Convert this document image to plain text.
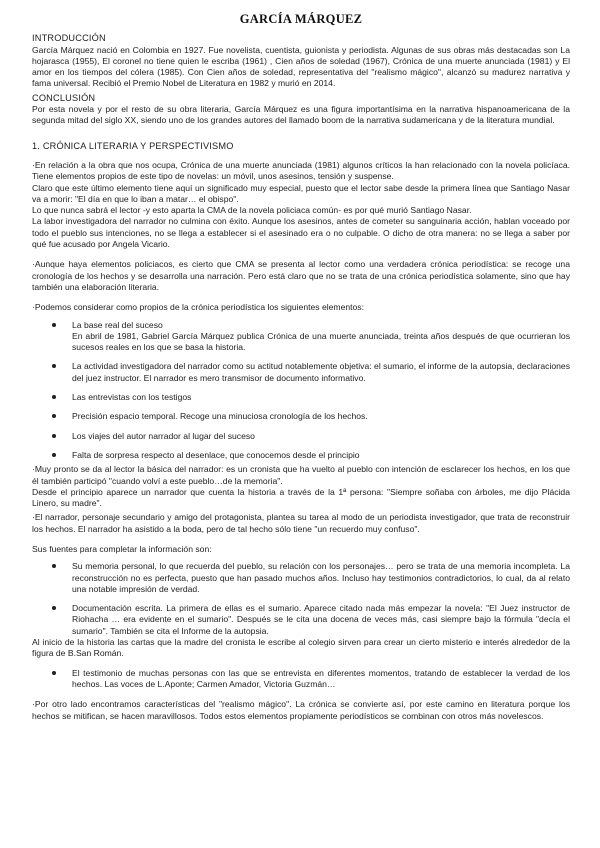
GARCÍA MÁRQUEZ
INTRODUCCIÓN

García Márquez nació en Colombia en 1927. Fue novelista, cuentista, guionista y periodista. Algunas de sus obras más destacadas son La hojarasca (1955), El coronel no tiene quien le escriba (1961) , Cien años de soledad (1967), Crónica de una muerte anunciada (1981) y El amor en los tiempos del cólera (1985). Con Cien años de soledad, representativa del "realismo mágico", alcanzó su madurez narrativa y fama universal. Recibió el Premio Nobel de Literatura en 1982 y murió en 2014.

CONCLUSIÓN

Por esta novela y por el resto de su obra literaria, García Márquez es una figura importantísima en la narrativa hispanoamericana de la segunda mitad del siglo XX, siendo uno de los grandes autores del llamado boom de la narrativa sudamericana y de la literatura mundial.

1. CRÓNICA LITERARIA Y PERSPECTIVISMO

·En relación a la obra que nos ocupa, Crónica de una muerte anunciada (1981) algunos críticos la han relacionado con la novela policíaca. Tiene elementos propios de este tipo de novelas: un móvil, unos asesinos, tensión y suspense.

Claro que este último elemento tiene aquí un significado muy especial, puesto que el lector sabe desde la primera línea que Santiago Nasar va a morir: "El día en que lo iban a matar… el obispo".

Lo que nunca sabrá el lector -y esto aparta la CMA de la novela policiaca común- es por qué murió Santiago Nasar.

La labor investigadora del narrador no culmina con éxito. Aunque los asesinos, antes de cometer su sanguinaria acción, hablan voceado por todo el pueblo sus intenciones, no se llega a establecer si el asesinado era o no culpable. O dicho de otra manera: no se llega a saber por qué fue acusado por Angela Vicario.

·Aunque haya elementos policiacos, es cierto que CMA se presenta al lector como una verdadera crónica periodística: se recoge una cronología de los hechos y se desarrolla una narración. Pero está claro que no se trata de una crónica periodística solamente, sino que hay también una elaboración literaria.

·Podemos considerar como propios de la crónica periodística los siguientes elementos:

La base real del suceso
En abril de 1981, Gabriel García Márquez publica Crónica de una muerte anunciada, treinta años después de que ocurrieran los sucesos reales en los que se basa la historia.
La actividad investigadora del narrador como su actitud notablemente objetiva: el sumario, el informe de la autopsia, declaraciones del juez instructor. El narrador es mero transmisor de documento informativo.
Las entrevistas con los testigos
Precisión espacio temporal. Recoge una minuciosa cronología de los hechos.
Los viajes del autor narrador al lugar del suceso
Falta de sorpresa respecto al desenlace, que conocemos desde el principio

·Muy pronto se da al lector la básica del narrador: es un cronista que ha vuelto al pueblo con intención de esclarecer los hechos, en los que él también participó "cuando volví a este pueblo…de la memoria".

Desde el principio aparece un narrador que cuenta la historia a través de la 1ª persona: "Siempre soñaba con árboles, me dijo Plácida Linero, su madre".

·El narrador, personaje secundario y amigo del protagonista, plantea su tarea al modo de un periodista investigador, que trata de reconstruir los hechos. El narrador ha asistido a la boda, pero de tal hecho sólo tiene "un recuerdo muy confuso".

Sus fuentes para completar la información son:

Su memoria personal, lo que recuerda del pueblo, su relación con los personajes… pero se trata de una memoria incompleta. La reconstrucción no es perfecta, puesto que han pasado muchos años. Incluso hay testimonios contradictorios, lo cual, da al relato una notable impresión de verdad.
Documentación escrita. La primera de ellas es el sumario. Aparece citado nada más empezar la novela: "El Juez instructor de Riohacha … era evidente en el sumario". Después se le cita una docena de veces más, casi siempre bajo la fórmula "decía el sumario". También se cita el Informe de la autopsia.

Al inicio de la historia las cartas que la madre del cronista le escribe al colegio sirven para crear un cierto misterio e interés alrededor de la figura de B.San Román.

El testimonio de muchas personas con las que se entrevista en diferentes momentos, tratando de establecer la verdad de los hechos. Las voces de L.Aponte; Carmen Amador, Victoria Guzmán…

·Por otro lado encontramos características del "realismo mágico". La crónica se convierte así, por este camino en literatura porque los hechos se mitifican, se hacen maravillosos. Todos estos elementos propiamente periodísticos se combinan con otros más novelescos.
